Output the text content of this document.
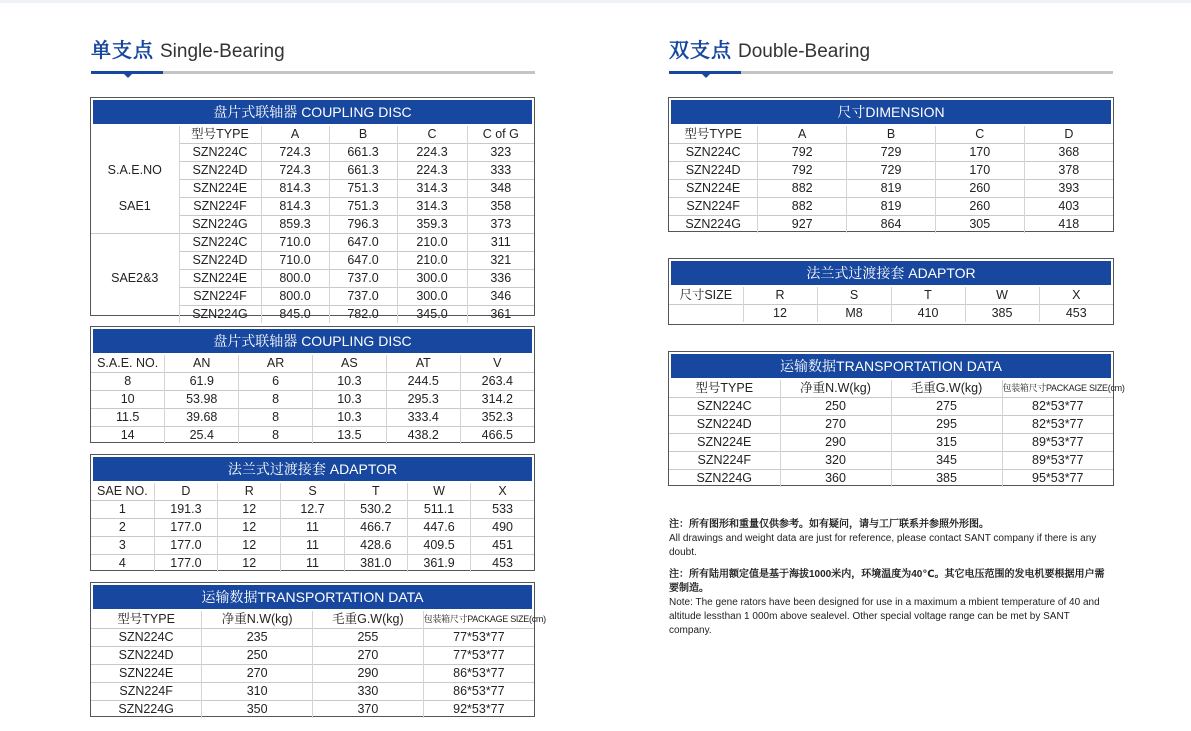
单支点 Single-Bearing	双支点 Double-Bearing
盘片式联轴器 COUPLING DISC
	型号TYPE	A	B	C	C of G
	SZN224C	724.3	661.3	224.3	323
S.A.E.NO	SZN224D	724.3	661.3	224.3	333
	SZN224E	814.3	751.3	314.3	348
SAE1	SZN224F	814.3	751.3	314.3	358
	SZN224G	859.3	796.3	359.3	373
	SZN224C	710.0	647.0	210.0	311
	SZN224D	710.0	647.0	210.0	321
SAE2&3	SZN224E	800.0	737.0	300.0	336
	SZN224F	800.0	737.0	300.0	346
	SZN224G	845.0	782.0	345.0	361
盘片式联轴器 COUPLING DISC
S.A.E. NO.	AN	AR	AS	AT	V
8	61.9	6	10.3	244.5	263.4
10	53.98	8	10.3	295.3	314.2
11.5	39.68	8	10.3	333.4	352.3
14	25.4	8	13.5	438.2	466.5
法兰式过渡接套 ADAPTOR
SAE NO.	D	R	S	T	W	X
1	191.3	12	12.7	530.2	511.1	533
2	177.0	12	11	466.7	447.6	490
3	177.0	12	11	428.6	409.5	451
4	177.0	12	11	381.0	361.9	453
运输数据TRANSPORTATION DATA
型号TYPE	净重N.W(kg)	毛重G.W(kg)	包装箱尺寸PACKAGE SIZE(cm)
SZN224C	235	255	77*53*77
SZN224D	250	270	77*53*77
SZN224E	270	290	86*53*77
SZN224F	310	330	86*53*77
SZN224G	350	370	92*53*77
尺寸DIMENSION
型号TYPE	A	B	C	D
SZN224C	792	729	170	368
SZN224D	792	729	170	378
SZN224E	882	819	260	393
SZN224F	882	819	260	403
SZN224G	927	864	305	418
法兰式过渡接套 ADAPTOR
尺寸SIZE	R	S	T	W	X
	12	M8	410	385	453
运输数据TRANSPORTATION DATA
型号TYPE	净重N.W(kg)	毛重G.W(kg)	包装箱尺寸PACKAGE SIZE(cm)
SZN224C	250	275	82*53*77
SZN224D	270	295	82*53*77
SZN224E	290	315	89*53*77
SZN224F	320	345	89*53*77
SZN224G	360	385	95*53*77

注：所有图形和重量仅供参考。如有疑问，请与工厂联系并参照外形图。
All drawings and weight data are just for reference, please contact SANT company if there is any doubt.

注：所有陆用额定值是基于海拔1000米内，环境温度为40℃。其它电压范围的发电机要根据用户需要制造。
Note: The gene rators have been designed for use in a maximum a mbient temperature of 40 and altitude lessthan 1 000m above sealevel. Other special voltage range can be met by SANT company.
